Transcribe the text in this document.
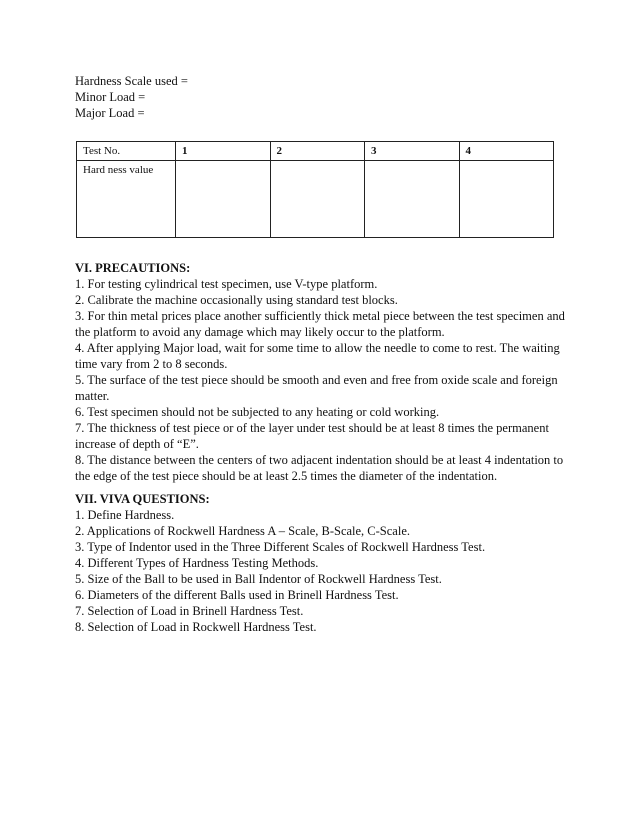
Hardness Scale used =
Minor Load =
Major Load =
Test No.	1	2	3	4
Hard ness value				
VI. PRECAUTIONS:

1. For testing cylindrical test specimen, use V-type platform.

2. Calibrate the machine occasionally using standard test blocks.

3. For thin metal prices place another sufficiently thick metal piece between the test specimen and the platform to avoid any damage which may likely occur to the platform.

4. After applying Major load, wait for some time to allow the needle to come to rest. The waiting time vary from 2 to 8 seconds.

5. The surface of the test piece should be smooth and even and free from oxide scale and foreign matter.

6. Test specimen should not be subjected to any heating or cold working.

7. The thickness of test piece or of the layer under test should be at least 8 times the permanent increase of depth of “E”.

8. The distance between the centers of two adjacent indentation should be at least 4 indentation to the edge of the test piece should be at least 2.5 times the diameter of the indentation.

VII. VIVA QUESTIONS:

1. Define Hardness.

2. Applications of Rockwell Hardness A – Scale, B-Scale, C-Scale.

3. Type of Indentor used in the Three Different Scales of Rockwell Hardness Test.

4. Different Types of Hardness Testing Methods.

5. Size of the Ball to be used in Ball Indentor of Rockwell Hardness Test.

6. Diameters of the different Balls used in Brinell Hardness Test.

7. Selection of Load in Brinell Hardness Test.

8. Selection of Load in Rockwell Hardness Test.
